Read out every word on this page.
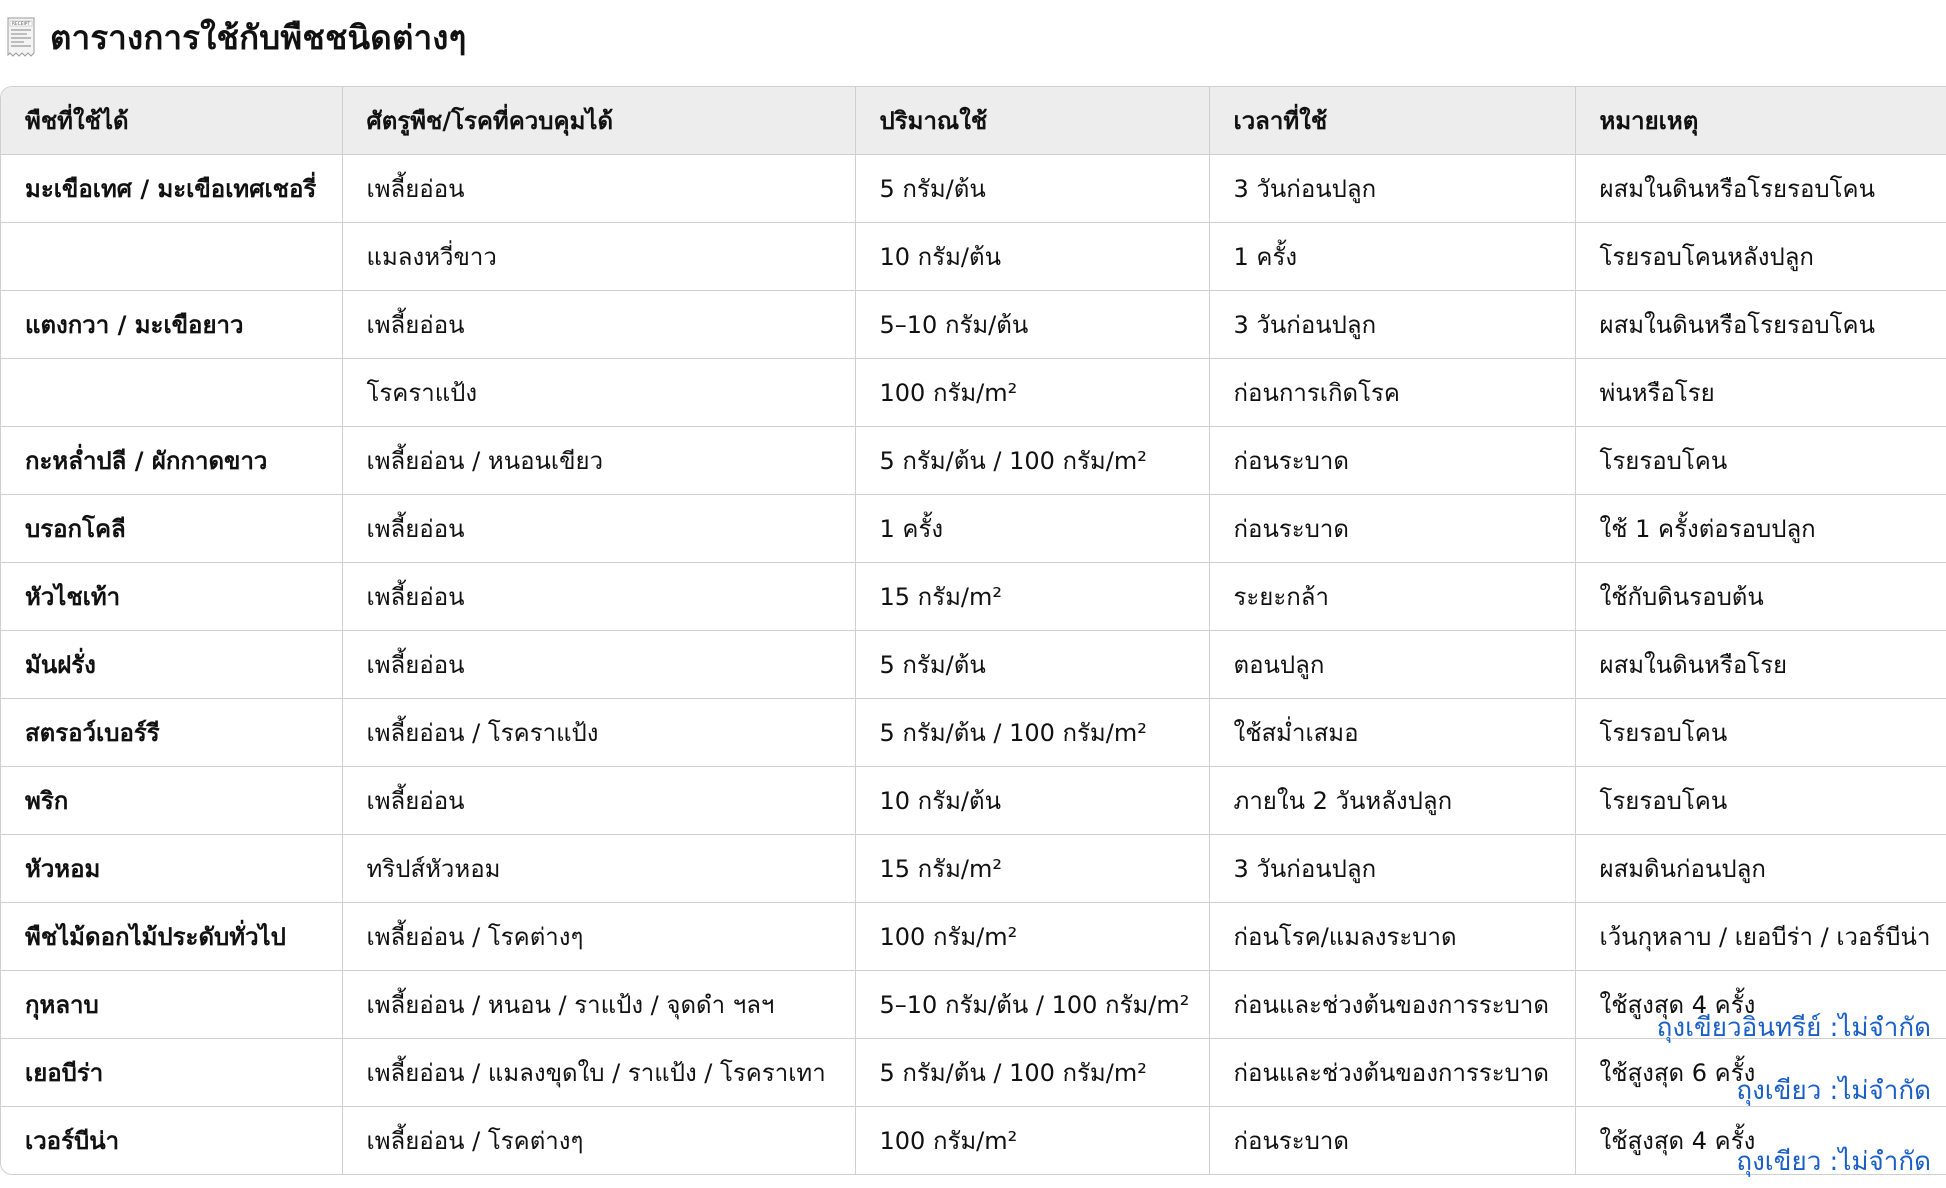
RECEIPT ตารางการใช้กับพืชชนิดต่างๆ
พืชที่ใช้ได้	ศัตรูพืช/โรคที่ควบคุมได้	ปริมาณใช้	เวลาที่ใช้	หมายเหตุ
มะเขือเทศ / มะเขือเทศเชอรี่	เพลี้ยอ่อน	5 กรัม/ต้น	3 วันก่อนปลูก	ผสมในดินหรือโรยรอบโคน
	แมลงหวี่ขาว	10 กรัม/ต้น	1 ครั้ง	โรยรอบโคนหลังปลูก
แตงกวา / มะเขือยาว	เพลี้ยอ่อน	5–10 กรัม/ต้น	3 วันก่อนปลูก	ผสมในดินหรือโรยรอบโคน
	โรคราแป้ง	100 กรัม/m²	ก่อนการเกิดโรค	พ่นหรือโรย
กะหล่ำปลี / ผักกาดขาว	เพลี้ยอ่อน / หนอนเขียว	5 กรัม/ต้น / 100 กรัม/m²	ก่อนระบาด	โรยรอบโคน
บรอกโคลี	เพลี้ยอ่อน	1 ครั้ง	ก่อนระบาด	ใช้ 1 ครั้งต่อรอบปลูก
หัวไชเท้า	เพลี้ยอ่อน	15 กรัม/m²	ระยะกล้า	ใช้กับดินรอบต้น
มันฝรั่ง	เพลี้ยอ่อน	5 กรัม/ต้น	ตอนปลูก	ผสมในดินหรือโรย
สตรอว์เบอร์รี	เพลี้ยอ่อน / โรคราแป้ง	5 กรัม/ต้น / 100 กรัม/m²	ใช้สม่ำเสมอ	โรยรอบโคน
พริก	เพลี้ยอ่อน	10 กรัม/ต้น	ภายใน 2 วันหลังปลูก	โรยรอบโคน
หัวหอม	ทริปส์หัวหอม	15 กรัม/m²	3 วันก่อนปลูก	ผสมดินก่อนปลูก
พืชไม้ดอกไม้ประดับทั่วไป	เพลี้ยอ่อน / โรคต่างๆ	100 กรัม/m²	ก่อนโรค/แมลงระบาด	เว้นกุหลาบ / เยอบีร่า / เวอร์บีน่า
กุหลาบ	เพลี้ยอ่อน / หนอน / ราแป้ง / จุดดำ ฯลฯ	5–10 กรัม/ต้น / 100 กรัม/m²	ก่อนและช่วงต้นของการระบาด	ใช้สูงสุด 4 ครั้ง
เยอบีร่า	เพลี้ยอ่อน / แมลงขุดใบ / ราแป้ง / โรคราเทา	5 กรัม/ต้น / 100 กรัม/m²	ก่อนและช่วงต้นของการระบาด	ใช้สูงสุด 6 ครั้ง
เวอร์บีน่า	เพลี้ยอ่อน / โรคต่างๆ	100 กรัม/m²	ก่อนระบาด	ใช้สูงสุด 4 ครั้ง
ถุงเขียวอินทรีย์ :ไม่จำกัด
ถุงเขียว :ไม่จำกัด
ถุงเขียว :ไม่จำกัด
